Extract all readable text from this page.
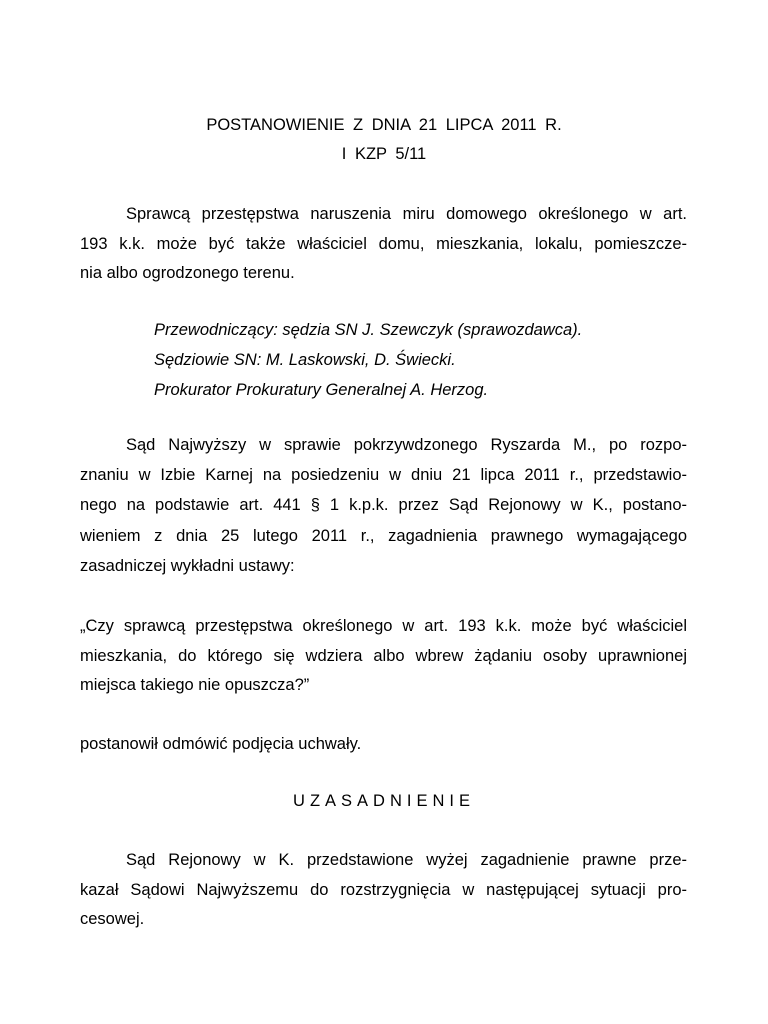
POSTANOWIENIE Z DNIA 21 LIPCA 2011 R.
I KZP 5/11
Sprawcą przestępstwa naruszenia miru domowego określonego w art.
193 k.k. może być także właściciel domu, mieszkania, lokalu, pomieszcze-
nia albo ogrodzonego terenu.
Przewodniczący: sędzia SN J. Szewczyk (sprawozdawca).
Sędziowie SN: M. Laskowski, D. Świecki.
Prokurator Prokuratury Generalnej A. Herzog.
Sąd Najwyższy w sprawie pokrzywdzonego Ryszarda M., po rozpo-
znaniu w Izbie Karnej na posiedzeniu w dniu 21 lipca 2011 r., przedstawio-
nego na podstawie art. 441 § 1 k.p.k. przez Sąd Rejonowy w K., postano-
wieniem z dnia 25 lutego 2011 r., zagadnienia prawnego wymagającego
zasadniczej wykładni ustawy:
„Czy sprawcą przestępstwa określonego w art. 193 k.k. może być właściciel
mieszkania, do którego się wdziera albo wbrew żądaniu osoby uprawnionej
miejsca takiego nie opuszcza?”
postanowił odmówić podjęcia uchwały.
UZASADNIENIE
Sąd Rejonowy w K. przedstawione wyżej zagadnienie prawne prze-
kazał Sądowi Najwyższemu do rozstrzygnięcia w następującej sytuacji pro-
cesowej.
